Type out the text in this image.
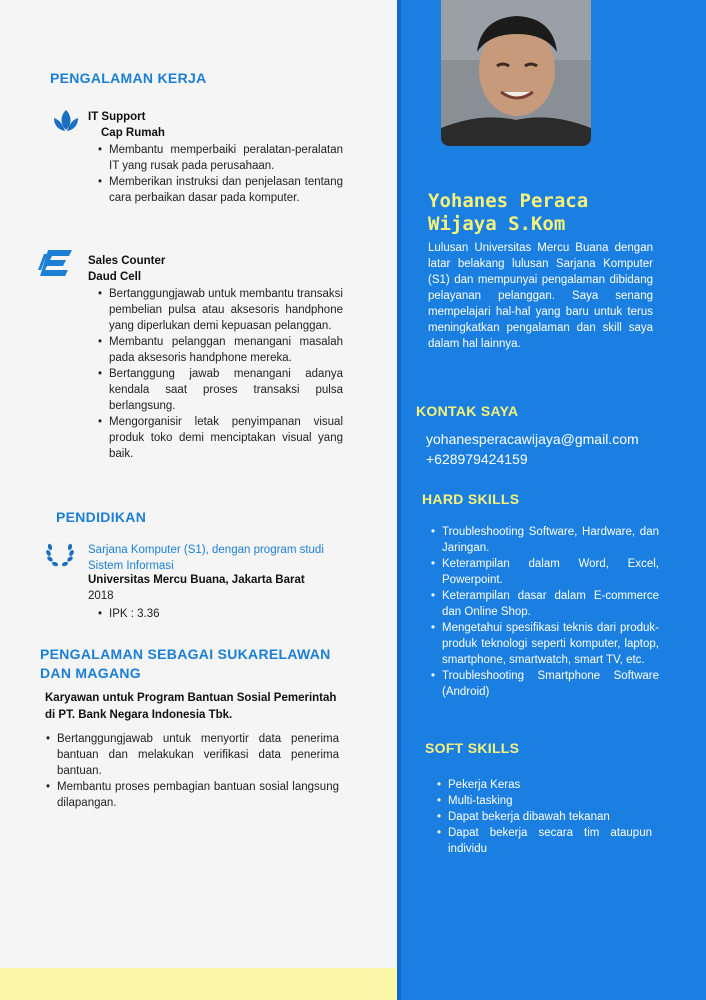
PENGALAMAN KERJA
IT Support
Cap Rumah
• Membantu memperbaiki peralatan-peralatan IT yang rusak pada perusahaan.
• Memberikan instruksi dan penjelasan tentang cara perbaikan dasar pada komputer.
Sales Counter
Daud Cell
• Bertanggungjawab untuk membantu transaksi pembelian pulsa atau aksesoris handphone yang diperlukan demi kepuasan pelanggan.
• Membantu pelanggan menangani masalah pada aksesoris handphone mereka.
• Bertanggung jawab menangani adanya kendala saat proses transaksi pulsa berlangsung.
• Mengorganisir letak penyimpanan visual produk toko demi menciptakan visual yang baik.
PENDIDIKAN
Sarjana Komputer (S1), dengan program studi Sistem Informasi
Universitas Mercu Buana, Jakarta Barat
2018
• IPK : 3.36
PENGALAMAN SEBAGAI SUKARELAWAN DAN MAGANG
Karyawan untuk Program Bantuan Sosial Pemerintah di PT. Bank Negara Indonesia Tbk.
• Bertanggungjawab untuk menyortir data penerima bantuan dan melakukan verifikasi data penerima bantuan.
• Membantu proses pembagian bantuan sosial langsung dilapangan.
Yohanes Peraca Wijaya S.Kom
Lulusan Universitas Mercu Buana dengan latar belakang lulusan Sarjana Komputer (S1) dan mempunyai pengalaman dibidang pelayanan pelanggan. Saya senang mempelajari hal-hal yang baru untuk terus meningkatkan pengalaman dan skill saya dalam hal lainnya.
KONTAK SAYA
yohanesperacawijaya@gmail.com
+628979424159
HARD SKILLS
• Troubleshooting Software, Hardware, dan Jaringan.
• Keterampilan dalam Word, Excel, Powerpoint.
• Keterampilan dasar dalam E-commerce dan Online Shop.
• Mengetahui spesifikasi teknis dari produk-produk teknologi seperti komputer, laptop, smartphone, smartwatch, smart TV, etc.
• Troubleshooting Smartphone Software (Android)
SOFT SKILLS
• Pekerja Keras
• Multi-tasking
• Dapat bekerja dibawah tekanan
• Dapat bekerja secara tim ataupun individu
